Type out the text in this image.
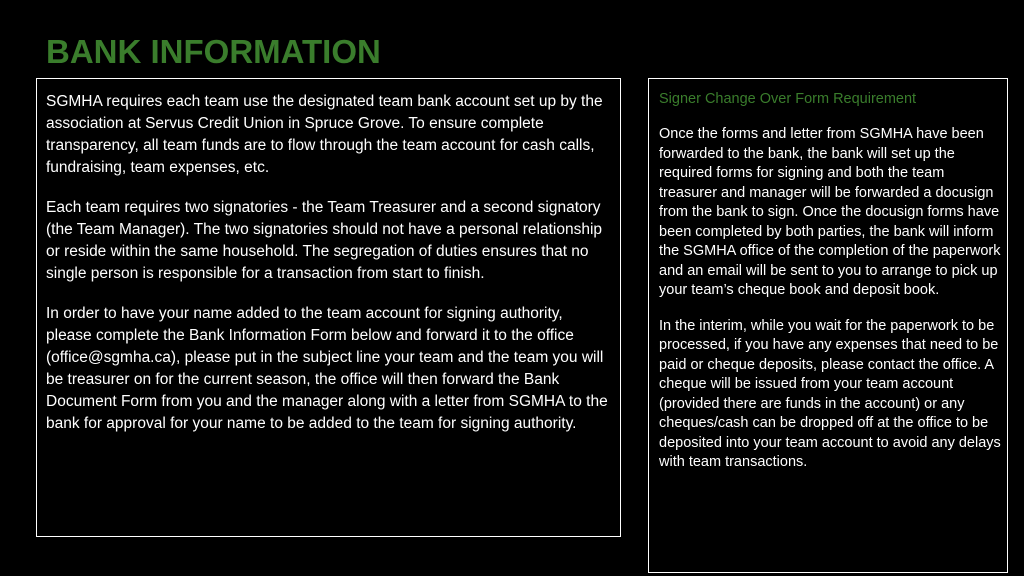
BANK INFORMATION

SGMHA requires each team use the designated team bank account set up by the association at Servus Credit Union in Spruce Grove. To ensure complete transparency, all team funds are to flow through the team account for cash calls, fundraising, team expenses, etc.

Each team requires two signatories - the Team Treasurer and a second signatory (the Team Manager). The two signatories should not have a personal relationship or reside within the same household. The segregation of duties ensures that no single person is responsible for a transaction from start to finish.

In order to have your name added to the team account for signing authority, please complete the Bank Information Form below and forward it to the office (office@sgmha.ca), please put in the subject line your team and the team you will be treasurer on for the current season, the office will then forward the Bank Document Form from you and the manager along with a letter from SGMHA to the bank for approval for your name to be added to the team for signing authority.

Signer Change Over Form Requirement

Once the forms and letter from SGMHA have been forwarded to the bank, the bank will set up the required forms for signing and both the team treasurer and manager will be forwarded a docusign from the bank to sign. Once the docusign forms have been completed by both parties, the bank will inform the SGMHA office of the completion of the paperwork and an email will be sent to you to arrange to pick up your team’s cheque book and deposit book.

In the interim, while you wait for the paperwork to be processed, if you have any expenses that need to be paid or cheque deposits, please contact the office. A cheque will be issued from your team account (provided there are funds in the account) or any cheques/cash can be dropped off at the office to be deposited into your team account to avoid any delays with team transactions.
